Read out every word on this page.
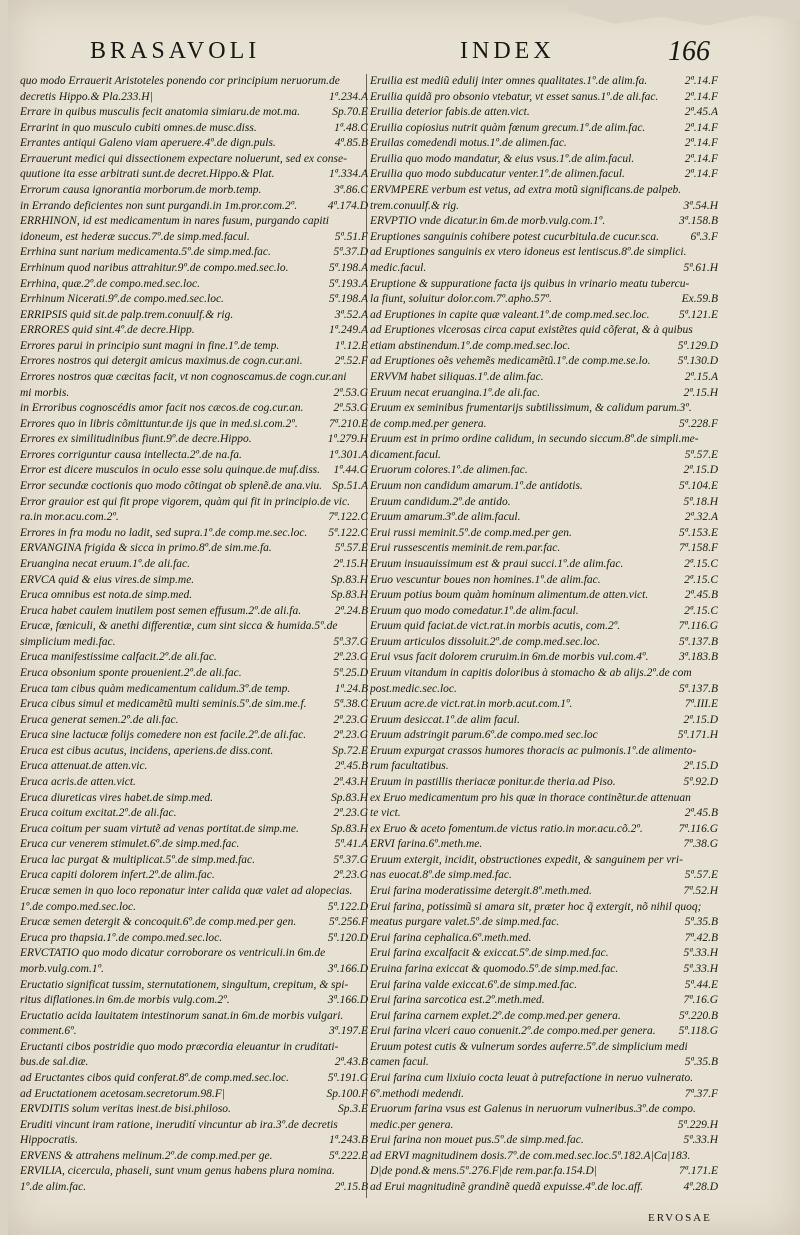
BRASAVOLI	INDEX	166
quo modo Errauerit Aristoteles ponendo cor principium neruorum.de
decretis Hippo.& Pla.233.H|	1ª.234.A
Errare in quibus musculis fecit anatomia simiaru.de mot.ma.	Sp.70.E
Errarint in quo musculo cubiti omnes.de musc.diss.	1ª.48.C
Errantes antiqui Galeno viam aperuere.4º.de dign.puls.	4ª.85.B
Errauerunt medici qui dissectionem expectare noluerunt, sed ex conse-
quutione ita esse arbitrati sunt.de decret.Hippo.& Plat.	1ª.334.A
Errorum causa ignorantia morborum.de morb.temp.	3ª.86.C
in Errando deficientes non sunt purgandi.in 1m.pror.com.2º.	4ª.174.D
ERRHINON, id est medicamentum in nares fusum, purgando capiti
idoneum, est hederæ succus.7º.de simp.med.facul.	5ª.51.F
Errhina sunt narium medicamenta.5º.de simp.med.fac.	5ª.37.D
Errhinum quod naribus attrahitur.9º.de compo.med.sec.lo.	5ª.198.A
Errhina, quæ.2º.de compo.med.sec.loc.	5ª.193.A
Errhinum Nicerati.9º.de compo.med.sec.loc.	5ª.198.A
ERRIPSIS quid sit.de palp.trem.conuulf.& rig.	3ª.52.A
ERRORES quid sint.4º.de decre.Hipp.	1ª.249.A
Errores parui in principio sunt magni in fine.1º.de temp.	1ª.12.E
Errores nostros qui detergit amicus maximus.de cogn.cur.ani.	2ª.52.F
Errores nostros quæ cæcitas facit, vt non cognoscamus.de cogn.cur.ani
mi morbis.	2ª.53.G
in Erroribus cognoscédis amor facit nos cæcos.de cog.cur.an.	2ª.53.G
Errores quo in libris cõmittuntur.de ijs que in med.si.com.2º.	7ª.210.E
Errores ex similitudinibus fiunt.9º.de decre.Hippo.	1ª.279.H
Errores corriguntur causa intellecta.2º.de na.fa.	1ª.301.A
Error est dicere musculos in oculo esse solu quinque.de muf.diss. 1ª.44.G
Error secundæ coctionis quo modo cõtingat ob splenẽ.de ana.viu. Sp.51.A
Error grauior est qui fit prope vigorem, quàm qui fit in principio.de vic.
ra.in mor.acu.com.2º.	7ª.122.C
Errores in fra modu no ladit, sed supra.1º.de comp.me.sec.loc. 5ª.122.C
ERVANGINA frigida & sicca in primo.8º.de sim.me.fa.	5ª.57.E
Eruangina necat eruum.1º.de ali.fac.	2ª.15.H
ERVCA quid & eius vires.de simp.me.	Sp.83.H
Eruca omnibus est nota.de simp.med.	Sp.83.H
Eruca habet caulem inutilem post semen effusum.2º.de ali.fa.	2ª.24.B
Erucæ, fœniculi, & anethi differentiæ, cum sint sicca & humida.5º.de
simplicium medi.fac.	5ª.37.G
Eruca manifestissime calfacit.2º.de ali.fac.	2ª.23.G
Eruca obsonium sponte prouenient.2º.de ali.fac.	5ª.25.D
Eruca tam cibus quàm medicamentum calidum.3º.de temp.	1ª.24.B
Eruca cibus simul et medicamẽtũ multi seminis.5º.de sim.me.f. 5ª.38.C
Eruca generat semen.2º.de ali.fac.	2ª.23.G
Eruca sine lactucæ folijs comedere non est facile.2º.de ali.fac. 2ª.23.G
Eruca est cibus acutus, incidens, aperiens.de diss.cont.	Sp.72.E
Eruca attenuat.de atten.vic.	2ª.45.B
Eruca acris.de atten.vict.	2ª.43.H
Eruca diureticas vires habet.de simp.med.	Sp.83.H
Eruca coitum excitat.2º.de ali.fac.	2ª.23.G
Eruca coitum per suam virtutẽ ad venas portitat.de simp.me.	Sp.83.H
Eruca cur venerem stimulet.6º.de simp.med.fac.	5ª.41.A
Eruca lac purgat & multiplicat.5º.de simp.med.fac.	5ª.37.G
Eruca capiti dolorem infert.2º.de alim.fac.	2ª.23.G
Erucæ semen in quo loco reponatur inter calida quæ valet ad alopecias.
1º.de compo.med.sec.loc.	5ª.122.D
Erucæ semen detergit & concoquit.6º.de comp.med.per gen.	5ª.256.F
Eruca pro thapsia.1º.de compo.med.sec.loc.	5ª.120.D
ERVCTATIO quo modo dicatur corroborare os ventriculi.in 6m.de
morb.vulg.com.1º.	3ª.166.D
Eructatio significat tussim, sternutationem, singultum, crepitum, & spi-
ritus diflationes.in 6m.de morbis vulg.com.2º.	3ª.166.D
Eructatio acida lauitatem intestinorum sanat.in 6m.de morbis vulgari.
comment.6º.	3ª.197.E
Eructanti cibos postridie quo modo præcordia eleuantur in cruditati-
bus.de sal.diæ.	2ª.43.B
ad Eructantes cibos quid conferat.8º.de comp.med.sec.loc.	5ª.191.G
ad Eructationem acetosam.secretorum.98.F|	Sp.100.F
ERVDITIS solum veritas inest.de bisi.philoso.	Sp.3.E
Eruditi vincunt iram ratione, inerudití vincuntur ab ira.3º.de decretis
Hippocratis.	1ª.243.B
ERVENS & attrahens melinum.2º.de comp.med.per ge.	5ª.222.E
ERVILIA, cicercula, phaseli, sunt vnum genus habens plura nomina.
1º.de alim.fac.	2ª.15.B
Eruilia est mediũ edulij inter omnes qualitates.1º.de alim.fa.	2ª.14.F
Eruilia quidã pro obsonio vtebatur, vt esset sanus.1º.de ali.fac. 2ª.14.F
Eruilia deterior fabis.de atten.vict.	2ª.45.A
Eruilia copiosius nutrit quàm fœnum grecum.1º.de alim.fac.	2ª.14.F
Eruilas comedendi motus.1º.de alimen.fac.	2ª.14.F
Eruilia quo modo mandatur, & eius vsus.1º.de alim.facul.	2ª.14.F
Eruilia quo modo subducatur venter.1º.de alimen.facul.	2ª.14.F
ERVMPERE verbum est vetus, ad extra motũ significans.de palpeb.
trem.conuulf.& rig.	3ª.54.H
ERVPTIO vnde dicatur.in 6m.de morb.vulg.com.1º.	3ª.158.B
Eruptiones sanguinis cohibere potest cucurbitula.de cucur.sca.	6ª.3.F
ad Eruptiones sanguinis ex vtero idoneus est lentiscus.8º.de simplici.
medic.facul.	5ª.61.H
Eruptione & suppuratione facta ijs quibus in vrinario meatu tubercu-
la fiunt, soluitur dolor.com.7º.apho.57º.	Ex.59.B
ad Eruptiones in capite quæ valeant.1º.de comp.med.sec.loc.	5ª.121.E
ad Eruptiones vlcerosas circa caput existẽtes quid cõferat, & à quibus
etiam abstinendum.1º.de comp.med.sec.loc.	5ª.129.D
ad Eruptiones oẽs vehemẽs medicamẽtũ.1º.de comp.me.se.lo. 5ª.130.D
ERVVM habet siliquas.1º.de alim.fac.	2ª.15.A
Eruum necat eruangina.1º.de ali.fac.	2ª.15.H
Eruum ex seminibus frumentarijs subtilissimum, & calidum parum.3º.
de comp.med.per genera.	5ª.228.F
Eruum est in primo ordine calidum, in secundo siccum.8º.de simpli.me-
dicament.facul.	5ª.57.E
Eruorum colores.1º.de alimen.fac.	2ª.15.D
Eruum non candidum amarum.1º.de antidotis.	5ª.104.E
Eruum candidum.2º.de antido.	5ª.18.H
Eruum amarum.3º.de alim.facul.	2ª.32.A
Erui russi meminit.5º.de comp.med.per gen.	5ª.153.E
Erui russescentis meminit.de rem.par.fac.	7ª.158.F
Eruum insuauissimum est & praui succi.1º.de alim.fac.	2ª.15.C
Eruo vescuntur boues non homines.1º.de alim.fac.	2ª.15.C
Eruum potius boum quàm hominum alimentum.de atten.vict.	2ª.45.B
Eruum quo modo comedatur.1º.de alim.facul.	2ª.15.C
Eruum quid faciat.de vict.rat.in morbis acutis, com.2º.	7ª.116.G
Eruum articulos dissoluit.2º.de comp.med.sec.loc.	5ª.137.B
Erui vsus facit dolorem cruruim.in 6m.de morbis vul.com.4º.	3ª.183.B
Eruum vitandum in capitis doloribus à stomacho & ab alijs.2º.de com
post.medic.sec.loc.	5ª.137.B
Eruum acre.de vict.rat.in morb.acut.com.1º.	7ª.III.E
Eruum desiccat.1º.de alim facul.	2ª.15.D
Eruum adstringit parum.6º.de compo.med sec.loc	5ª.171.H
Eruum expurgat crassos humores thoracis ac pulmonis.1º.de alimento-
rum facultatibus.	2ª.15.D
Eruum in pastillis theriacæ ponitur.de theria.ad Piso.	5ª.92.D
ex Eruo medicamentum pro his quæ in thorace continẽtur.de attenuan
te vict.	2ª.45.B
ex Eruo & aceto fomentum.de victus ratio.in mor.acu.cõ.2º.	7ª.116.G
ERVI farina.6º.meth.me.	7ª.38.G
Eruum extergit, incidit, obstructiones expedit, & sanguinem per vri-
nas euocat.8º.de simp.med.fac.	5ª.57.E
Erui farina moderatissime detergit.8º.meth.med.	7ª.52.H
Erui farina, potissimũ si amara sit, præter hoc q̃ extergit, nõ nihil quoq;
meatus purgare valet.5º.de simp.med.fac.	5ª.35.B
Erui farina cephalica.6º.meth.med.	7ª.42.B
Erui farina excalfacit & exiccat.5º.de simp.med.fac.	5ª.33.H
Eruina farina exiccat & quomodo.5º.de simp.med.fac.	5ª.33.H
Erui farina valde exiccat.6º.de simp.med.fac.	5ª.44.E
Erui farina sarcotica est.2º.meth.med.	7ª.16.G
Erui farina carnem explet.2º.de comp.med.per genera.	5ª.220.B
Erui farina vlceri cauo conuenit.2º.de compo.med.per genera. 5ª.118.G
Eruum potest cutis & vulnerum sordes auferre.5º.de simplicium medi
camen facul.	5ª.35.B
Erui farina cum lixiuio cocta leuat à putrefactione in neruo vulnerato.
6º.methodi medendi.	7ª.37.F
Eruorum farina vsus est Galenus in neruorum vulneribus.3º.de compo.
medic.per genera.	5ª.229.H
Erui farina non mouet pus.5º.de simp.med.fac.	5ª.33.H
ad ERVI magnitudinem dosis.7º.de com.med.sec.loc.5ª.182.A|Ca|183.
D|de pond.& mens.5º.276.F|de rem.par.fa.154.D|	7ª.171.E
ad Erui magnitudinẽ grandinẽ quedã expuisse.4º.de loc.aff.	4ª.28.D
ERVOSAE
